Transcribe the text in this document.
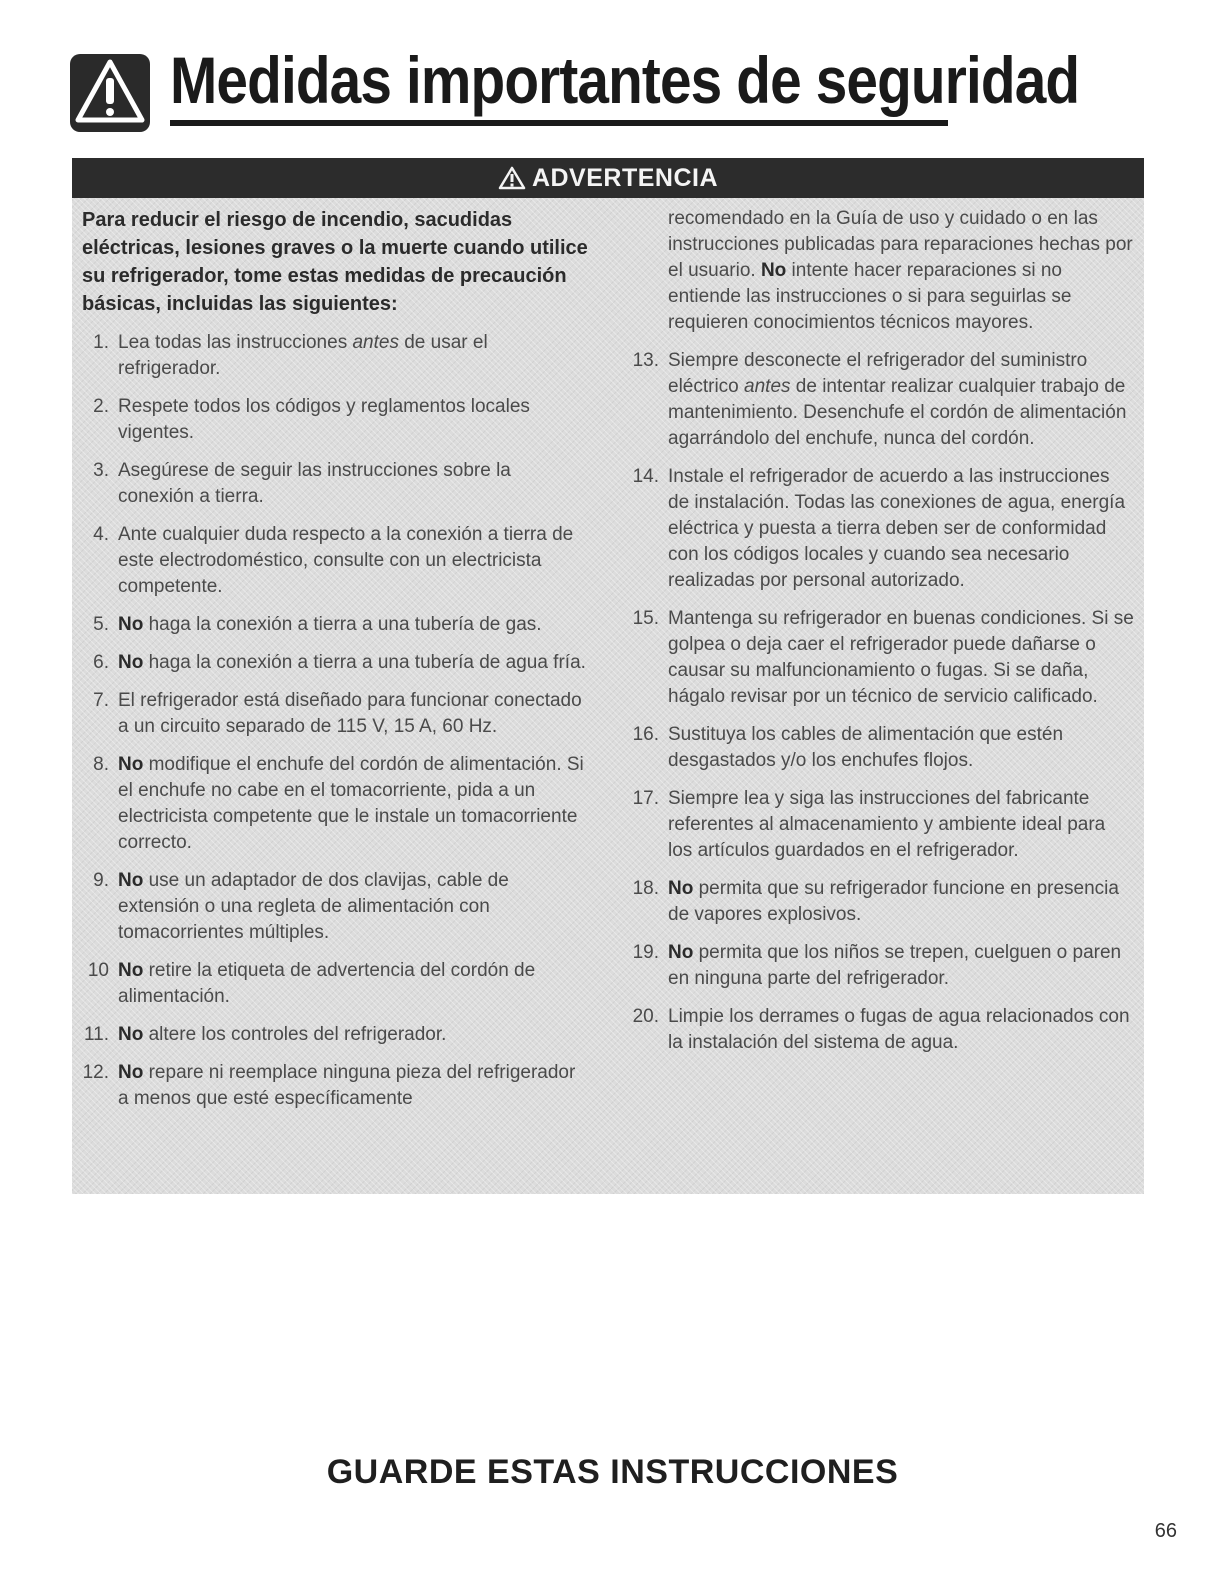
Medidas importantes de seguridad
ADVERTENCIA

Para reducir el riesgo de incendio, sacudidas eléctricas, lesiones graves o la muerte cuando utilice su refrigerador, tome estas medidas de precaución básicas, incluidas las siguientes:

1. Lea todas las instrucciones antes de usar el refrigerador.
2. Respete todos los códigos y reglamentos locales vigentes.
3. Asegúrese de seguir las instrucciones sobre la conexión a tierra.
4. Ante cualquier duda respecto a la conexión a tierra de este electrodoméstico, consulte con un electricista competente.
5. No haga la conexión a tierra a una tubería de gas.
6. No haga la conexión a tierra a una tubería de agua fría.
7. El refrigerador está diseñado para funcionar conectado a un circuito separado de 115 V, 15 A, 60 Hz.
8. No modifique el enchufe del cordón de alimentación. Si el enchufe no cabe en el tomacorriente, pida a un electricista competente que le instale un tomacorriente correcto.
9. No use un adaptador de dos clavijas, cable de extensión o una regleta de alimentación con tomacorrientes múltiples.
10 No retire la etiqueta de advertencia del cordón de alimentación.
11. No altere los controles del refrigerador.
12. No repare ni reemplace ninguna pieza del refrigerador a menos que esté específicamente
recomendado en la Guía de uso y cuidado o en las instrucciones publicadas para reparaciones hechas por el usuario. No intente hacer reparaciones si no entiende las instrucciones o si para seguirlas se requieren conocimientos técnicos mayores.
13. Siempre desconecte el refrigerador del suministro eléctrico antes de intentar realizar cualquier trabajo de mantenimiento. Desenchufe el cordón de alimentación agarrándolo del enchufe, nunca del cordón.
14. Instale el refrigerador de acuerdo a las instrucciones de instalación. Todas las conexiones de agua, energía eléctrica y puesta a tierra deben ser de conformidad con los códigos locales y cuando sea necesario realizadas por personal autorizado.
15. Mantenga su refrigerador en buenas condiciones. Si se golpea o deja caer el refrigerador puede dañarse o causar su malfuncionamiento o fugas. Si se daña, hágalo revisar por un técnico de servicio calificado.
16. Sustituya los cables de alimentación que estén desgastados y/o los enchufes flojos.
17. Siempre lea y siga las instrucciones del fabricante referentes al almacenamiento y ambiente ideal para los artículos guardados en el refrigerador.
18. No permita que su refrigerador funcione en presencia de vapores explosivos.
19. No permita que los niños se trepen, cuelguen o paren en ninguna parte del refrigerador.
20. Limpie los derrames o fugas de agua relacionados con la instalación del sistema de agua.
GUARDE ESTAS INSTRUCCIONES
66
